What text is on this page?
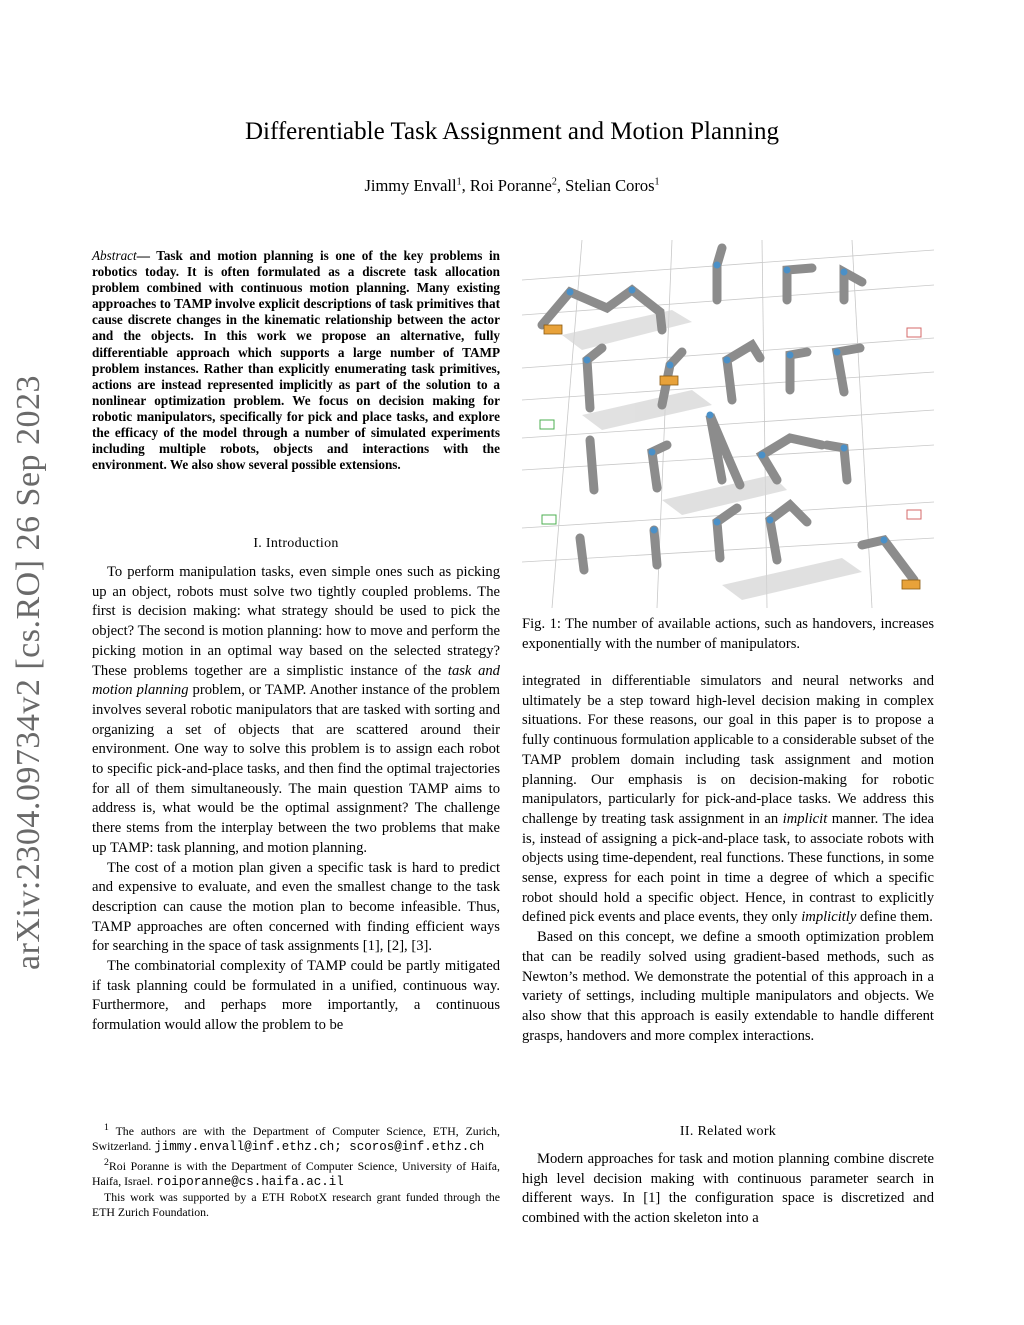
arXiv:2304.09734v2 [cs.RO] 26 Sep 2023
Differentiable Task Assignment and Motion Planning
Jimmy Envall$^1$, Roi Poranne$^2$, Stelian Coros$^1$
Abstract— Task and motion planning is one of the key problems in robotics today. It is often formulated as a discrete task allocation problem combined with continuous motion planning. Many existing approaches to TAMP involve explicit descriptions of task primitives that cause discrete changes in the kinematic relationship between the actor and the objects. In this work we propose an alternative, fully differentiable approach which supports a large number of TAMP problem instances. Rather than explicitly enumerating task primitives, actions are instead represented implicitly as part of the solution to a nonlinear optimization problem. We focus on decision making for robotic manipulators, specifically for pick and place tasks, and explore the efficacy of the model through a number of simulated experiments including multiple robots, objects and interactions with the environment. We also show several possible extensions.
I. Introduction

To perform manipulation tasks, even simple ones such as picking up an object, robots must solve two tightly coupled problems. The first is decision making: what strategy should be used to pick the object? The second is motion planning: how to move and perform the picking motion in an optimal way based on the selected strategy? These problems together are a simplistic instance of the task and motion planning problem, or TAMP. Another instance of the problem involves several robotic manipulators that are tasked with sorting and organizing a set of objects that are scattered around their environment. One way to solve this problem is to assign each robot to specific pick-and-place tasks, and then find the optimal trajectories for all of them simultaneously. The main question TAMP aims to address is, what would be the optimal assignment? The challenge there stems from the interplay between the two problems that make up TAMP: task planning, and motion planning.

The cost of a motion plan given a specific task is hard to predict and expensive to evaluate, and even the smallest change to the task description can cause the motion plan to become infeasible. Thus, TAMP approaches are often concerned with finding efficient ways for searching in the space of task assignments [1], [2], [3].

The combinatorial complexity of TAMP could be partly mitigated if task planning could be formulated in a unified, continuous way. Furthermore, and perhaps more importantly, a continuous formulation would allow the problem to be

$^1$ The authors are with the Department of Computer Science, ETH, Zurich, Switzerland. jimmy.envall@inf.ethz.ch; scoros@inf.ethz.ch

$^2$Roi Poranne is with the Department of Computer Science, University of Haifa, Haifa, Israel. roiporanne@cs.haifa.ac.il

This work was supported by a ETH RobotX research grant funded through the ETH Zurich Foundation.

Fig. 1: The number of available actions, such as handovers, increases exponentially with the number of manipulators.

integrated in differentiable simulators and neural networks and ultimately be a step toward high-level decision making in complex situations. For these reasons, our goal in this paper is to propose a fully continuous formulation applicable to a considerable subset of the TAMP problem domain including task assignment and motion planning. Our emphasis is on decision-making for robotic manipulators, particularly for pick-and-place tasks. We address this challenge by treating task assignment in an implicit manner. The idea is, instead of assigning a pick-and-place task, to associate robots with objects using time-dependent, real functions. These functions, in some sense, express for each point in time a degree of which a specific robot should hold a specific object. Hence, in contrast to explicitly defined pick events and place events, they only implicitly define them.

Based on this concept, we define a smooth optimization problem that can be readily solved using gradient-based methods, such as Newton’s method. We demonstrate the potential of this approach in a variety of settings, including multiple manipulators and objects. We also show that this approach is easily extendable to handle different grasps, handovers and more complex interactions.

II. Related work

Modern approaches for task and motion planning combine discrete high level decision making with continuous parameter search in different ways. In [1] the configuration space is discretized and combined with the action skeleton into a
